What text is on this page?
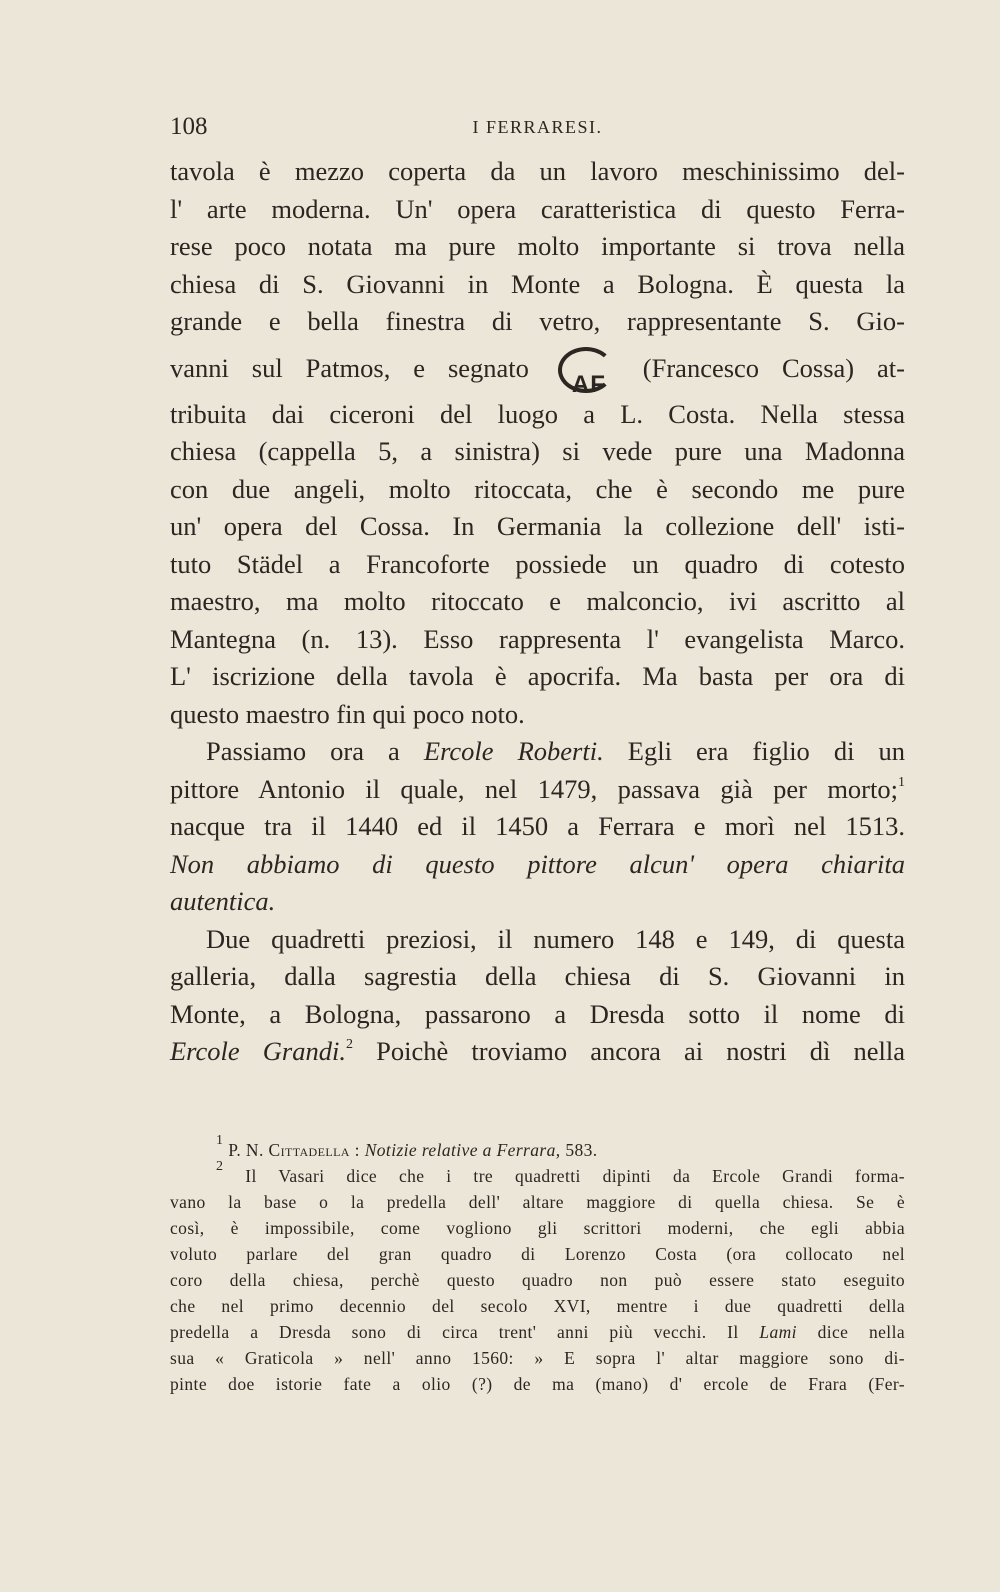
108	I FERRARESI.
tavola è mezzo coperta da un lavoro meschinissimo del-
l' arte moderna. Un' opera caratteristica di questo Ferra-
rese poco notata ma pure molto importante si trova nella
chiesa di S. Giovanni in Monte a Bologna. È questa la
grande e bella finestra di vetro, rappresentante S. Gio-
vanni sul Patmos, e segnato
AF
(Francesco Cossa) at-
tribuita dai ciceroni del luogo a L. Costa. Nella stessa
chiesa (cappella 5, a sinistra) si vede pure una Madonna
con due angeli, molto ritoccata, che è secondo me pure
un' opera del Cossa. In Germania la collezione dell' isti-
tuto Städel a Francoforte possiede un quadro di cotesto
maestro, ma molto ritoccato e malconcio, ivi ascritto al
Mantegna (n. 13). Esso rappresenta l' evangelista Marco.
L' iscrizione della tavola è apocrifa. Ma basta per ora di
questo maestro fin qui poco noto.
Passiamo ora a Ercole Roberti. Egli era figlio di un
pittore Antonio il quale, nel 1479, passava già per morto;$^1$
nacque tra il 1440 ed il 1450 a Ferrara e morì nel 1513.
Non abbiamo di questo pittore alcun' opera chiarita
autentica.
Due quadretti preziosi, il numero 148 e 149, di questa
galleria, dalla sagrestia della chiesa di S. Giovanni in
Monte, a Bologna, passarono a Dresda sotto il nome di
Ercole Grandi.$^2$ Poichè troviamo ancora ai nostri dì nella
$^1$ P. N. Cittadella : Notizie relative a Ferrara, 583.
$^2$ Il Vasari dice che i tre quadretti dipinti da Ercole Grandi forma-
vano la base o la predella dell' altare maggiore di quella chiesa. Se è
così, è impossibile, come vogliono gli scrittori moderni, che egli abbia
voluto parlare del gran quadro di Lorenzo Costa (ora collocato nel
coro della chiesa, perchè questo quadro non può essere stato eseguito
che nel primo decennio del secolo XVI, mentre i due quadretti della
predella a Dresda sono di circa trent' anni più vecchi. Il Lami dice nella
sua « Graticola » nell' anno 1560: » E sopra l' altar maggiore sono di-
pinte doe istorie fate a olio (?) de ma (mano) d' ercole de Frara (Fer-
